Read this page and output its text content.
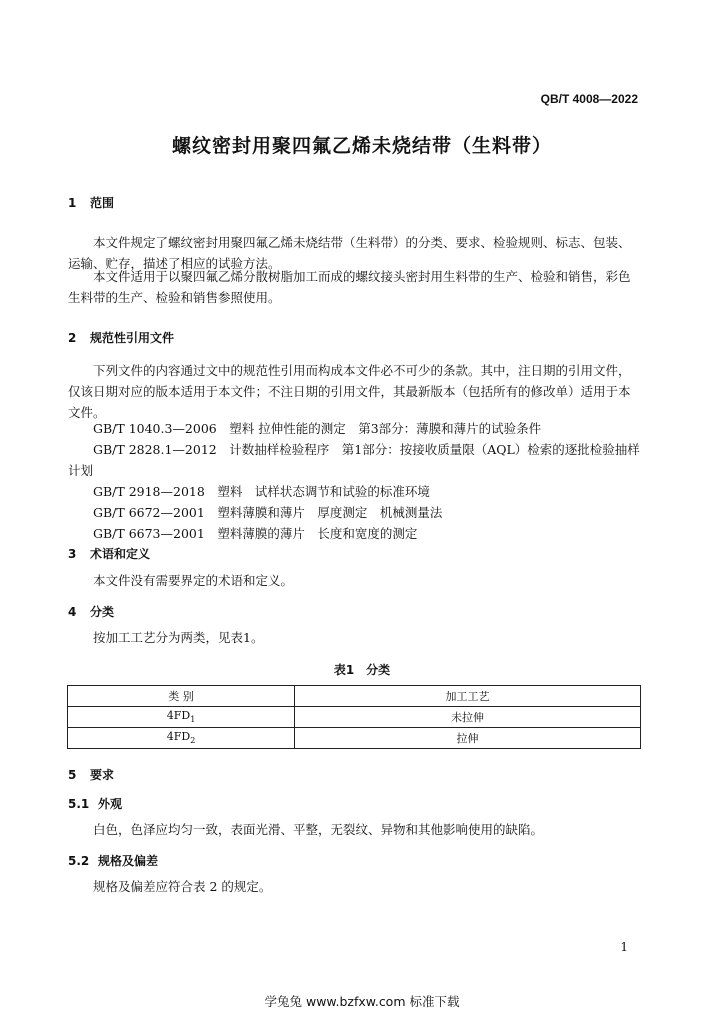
QB/T 4008—2022
螺纹密封用聚四氟乙烯未烧结带（生料带）
1 范围
本文件规定了螺纹密封用聚四氟乙烯未烧结带（生料带）的分类、要求、检验规则、标志、包装、运输、贮存，描述了相应的试验方法。
本文件适用于以聚四氟乙烯分散树脂加工而成的螺纹接头密封用生料带的生产、检验和销售，彩色生料带的生产、检验和销售参照使用。
2 规范性引用文件
下列文件的内容通过文中的规范性引用而构成本文件必不可少的条款。其中，注日期的引用文件，仅该日期对应的版本适用于本文件；不注日期的引用文件，其最新版本（包括所有的修改单）适用于本文件。
GB/T 1040.3—2006　塑料 拉伸性能的测定　第3部分：薄膜和薄片的试验条件
GB/T 2828.1—2012　计数抽样检验程序　第1部分：按接收质量限（AQL）检索的逐批检验抽样计划
GB/T 2918—2018　塑料　试样状态调节和试验的标准环境
GB/T 6672—2001　塑料薄膜和薄片　厚度测定　机械测量法
GB/T 6673—2001　塑料薄膜的薄片　长度和宽度的测定
3 术语和定义
本文件没有需要界定的术语和定义。
4 分类
按加工工艺分为两类，见表1。
表1　分类
类 别	加工工艺
$4FD_1$	未拉伸
$4FD_2$	拉伸
5 要求
5.1 外观
白色，色泽应均匀一致，表面光滑、平整，无裂纹、异物和其他影响使用的缺陷。
5.2 规格及偏差
规格及偏差应符合表 2 的规定。
1
学兔兔 www.bzfxw.com 标准下载
